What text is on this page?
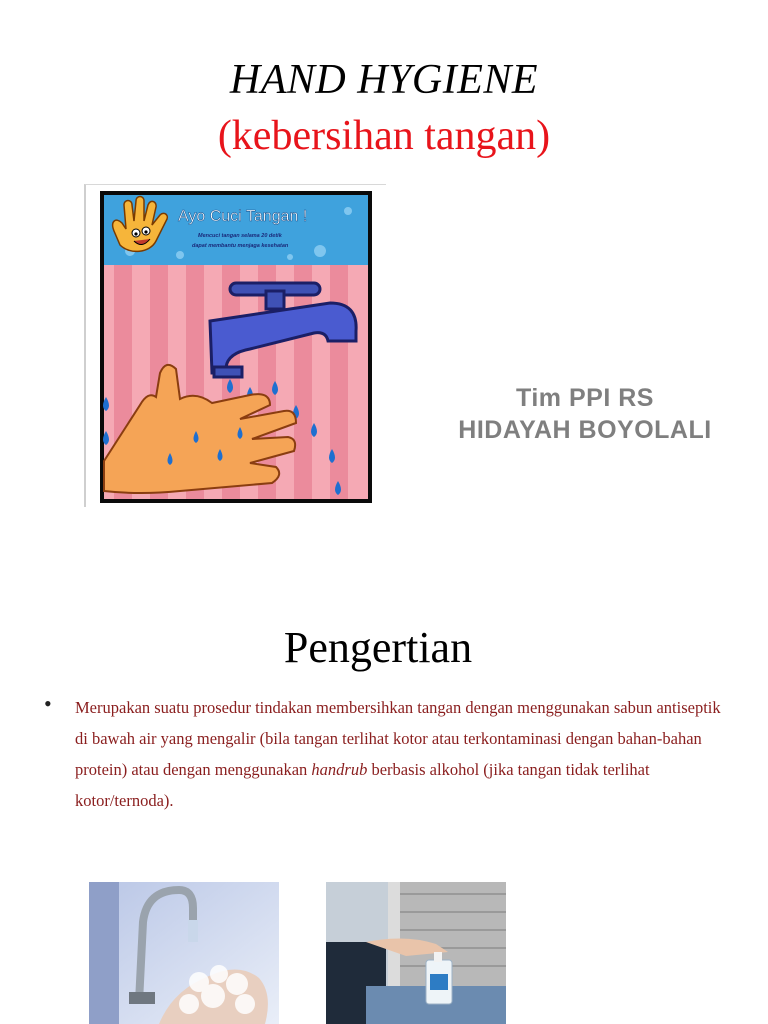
HAND HYGIENE
(kebersihan tangan)
Ayo Cuci Tangan !
Mencuci tangan selama 20 detik
dapat membantu menjaga kesehatan
Tim PPI RS
HIDAYAH BOYOLALI
Pengertian
• Merupakan suatu prosedur tindakan membersihkan tangan dengan menggunakan sabun antiseptik di bawah air yang mengalir (bila tangan terlihat kotor atau terkontaminasi dengan bahan-bahan protein) atau dengan menggunakan handrub berbasis alkohol (jika tangan tidak terlihat kotor/ternoda).
